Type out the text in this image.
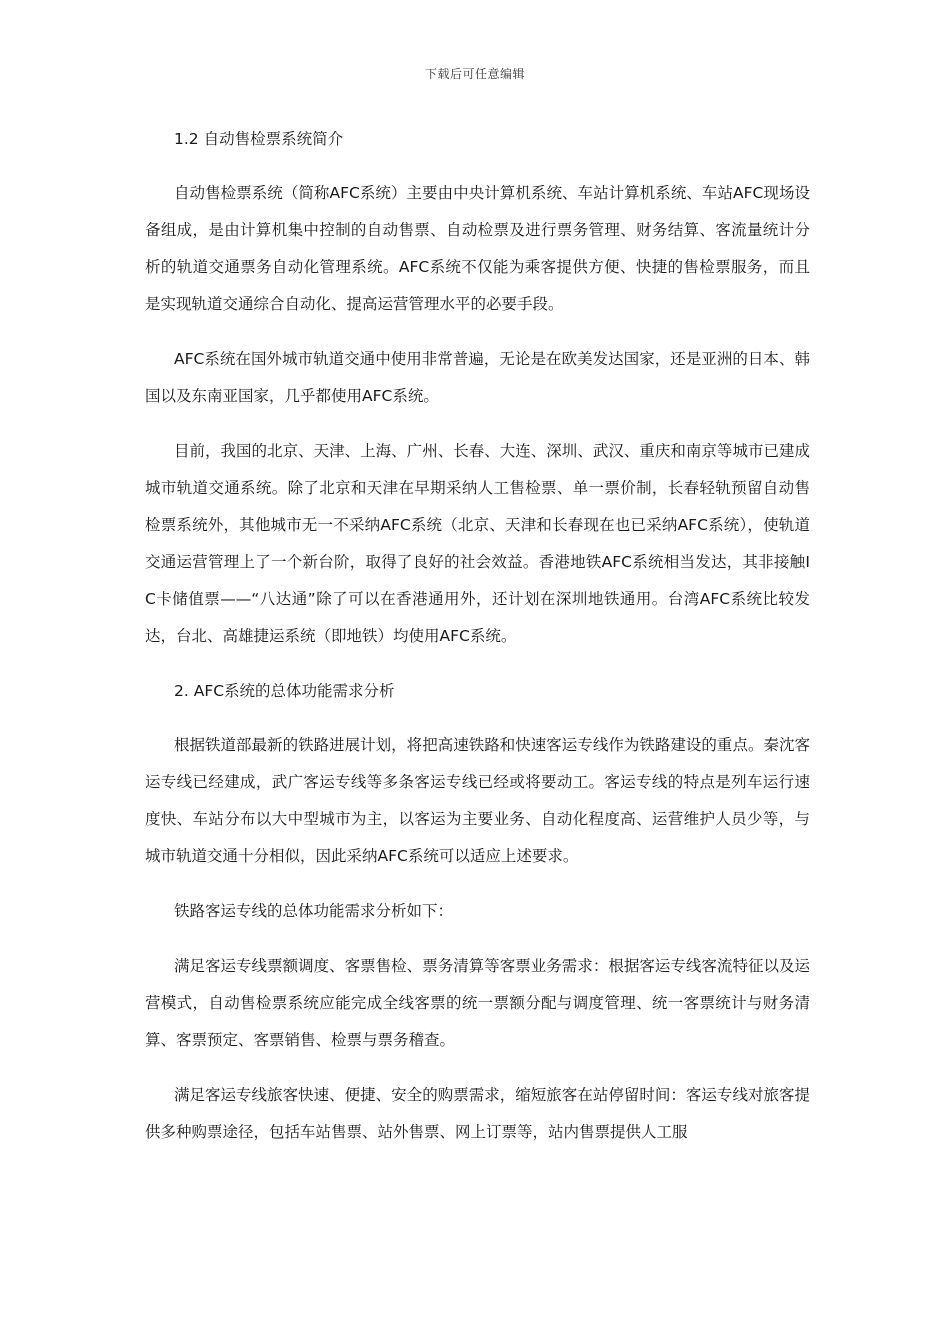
下载后可任意编辑

1.2 自动售检票系统简介

自动售检票系统（简称AFC系统）主要由中央计算机系统、车站计算机系统、车站AFC现场设备组成，是由计算机集中控制的自动售票、自动检票及进行票务管理、财务结算、客流量统计分析的轨道交通票务自动化管理系统。AFC系统不仅能为乘客提供方便、快捷的售检票服务，而且是实现轨道交通综合自动化、提高运营管理水平的必要手段。

AFC系统在国外城市轨道交通中使用非常普遍，无论是在欧美发达国家，还是亚洲的日本、韩国以及东南亚国家，几乎都使用AFC系统。

目前，我国的北京、天津、上海、广州、长春、大连、深圳、武汉、重庆和南京等城市已建成城市轨道交通系统。除了北京和天津在早期采纳人工售检票、单一票价制，长春轻轨预留自动售检票系统外，其他城市无一不采纳AFC系统（北京、天津和长春现在也已采纳AFC系统），使轨道交通运营管理上了一个新台阶，取得了良好的社会效益。香港地铁AFC系统相当发达，其非接触IC卡储值票——“八达通”除了可以在香港通用外，还计划在深圳地铁通用。台湾AFC系统比较发达，台北、高雄捷运系统（即地铁）均使用AFC系统。

2. AFC系统的总体功能需求分析

根据铁道部最新的铁路进展计划，将把高速铁路和快速客运专线作为铁路建设的重点。秦沈客运专线已经建成，武广客运专线等多条客运专线已经或将要动工。客运专线的特点是列车运行速度快、车站分布以大中型城市为主，以客运为主要业务、自动化程度高、运营维护人员少等，与城市轨道交通十分相似，因此采纳AFC系统可以适应上述要求。

铁路客运专线的总体功能需求分析如下：

满足客运专线票额调度、客票售检、票务清算等客票业务需求：根据客运专线客流特征以及运营模式，自动售检票系统应能完成全线客票的统一票额分配与调度管理、统一客票统计与财务清算、客票预定、客票销售、检票与票务稽查。

满足客运专线旅客快速、便捷、安全的购票需求，缩短旅客在站停留时间：客运专线对旅客提供多种购票途径，包括车站售票、站外售票、网上订票等，站内售票提供人工服
